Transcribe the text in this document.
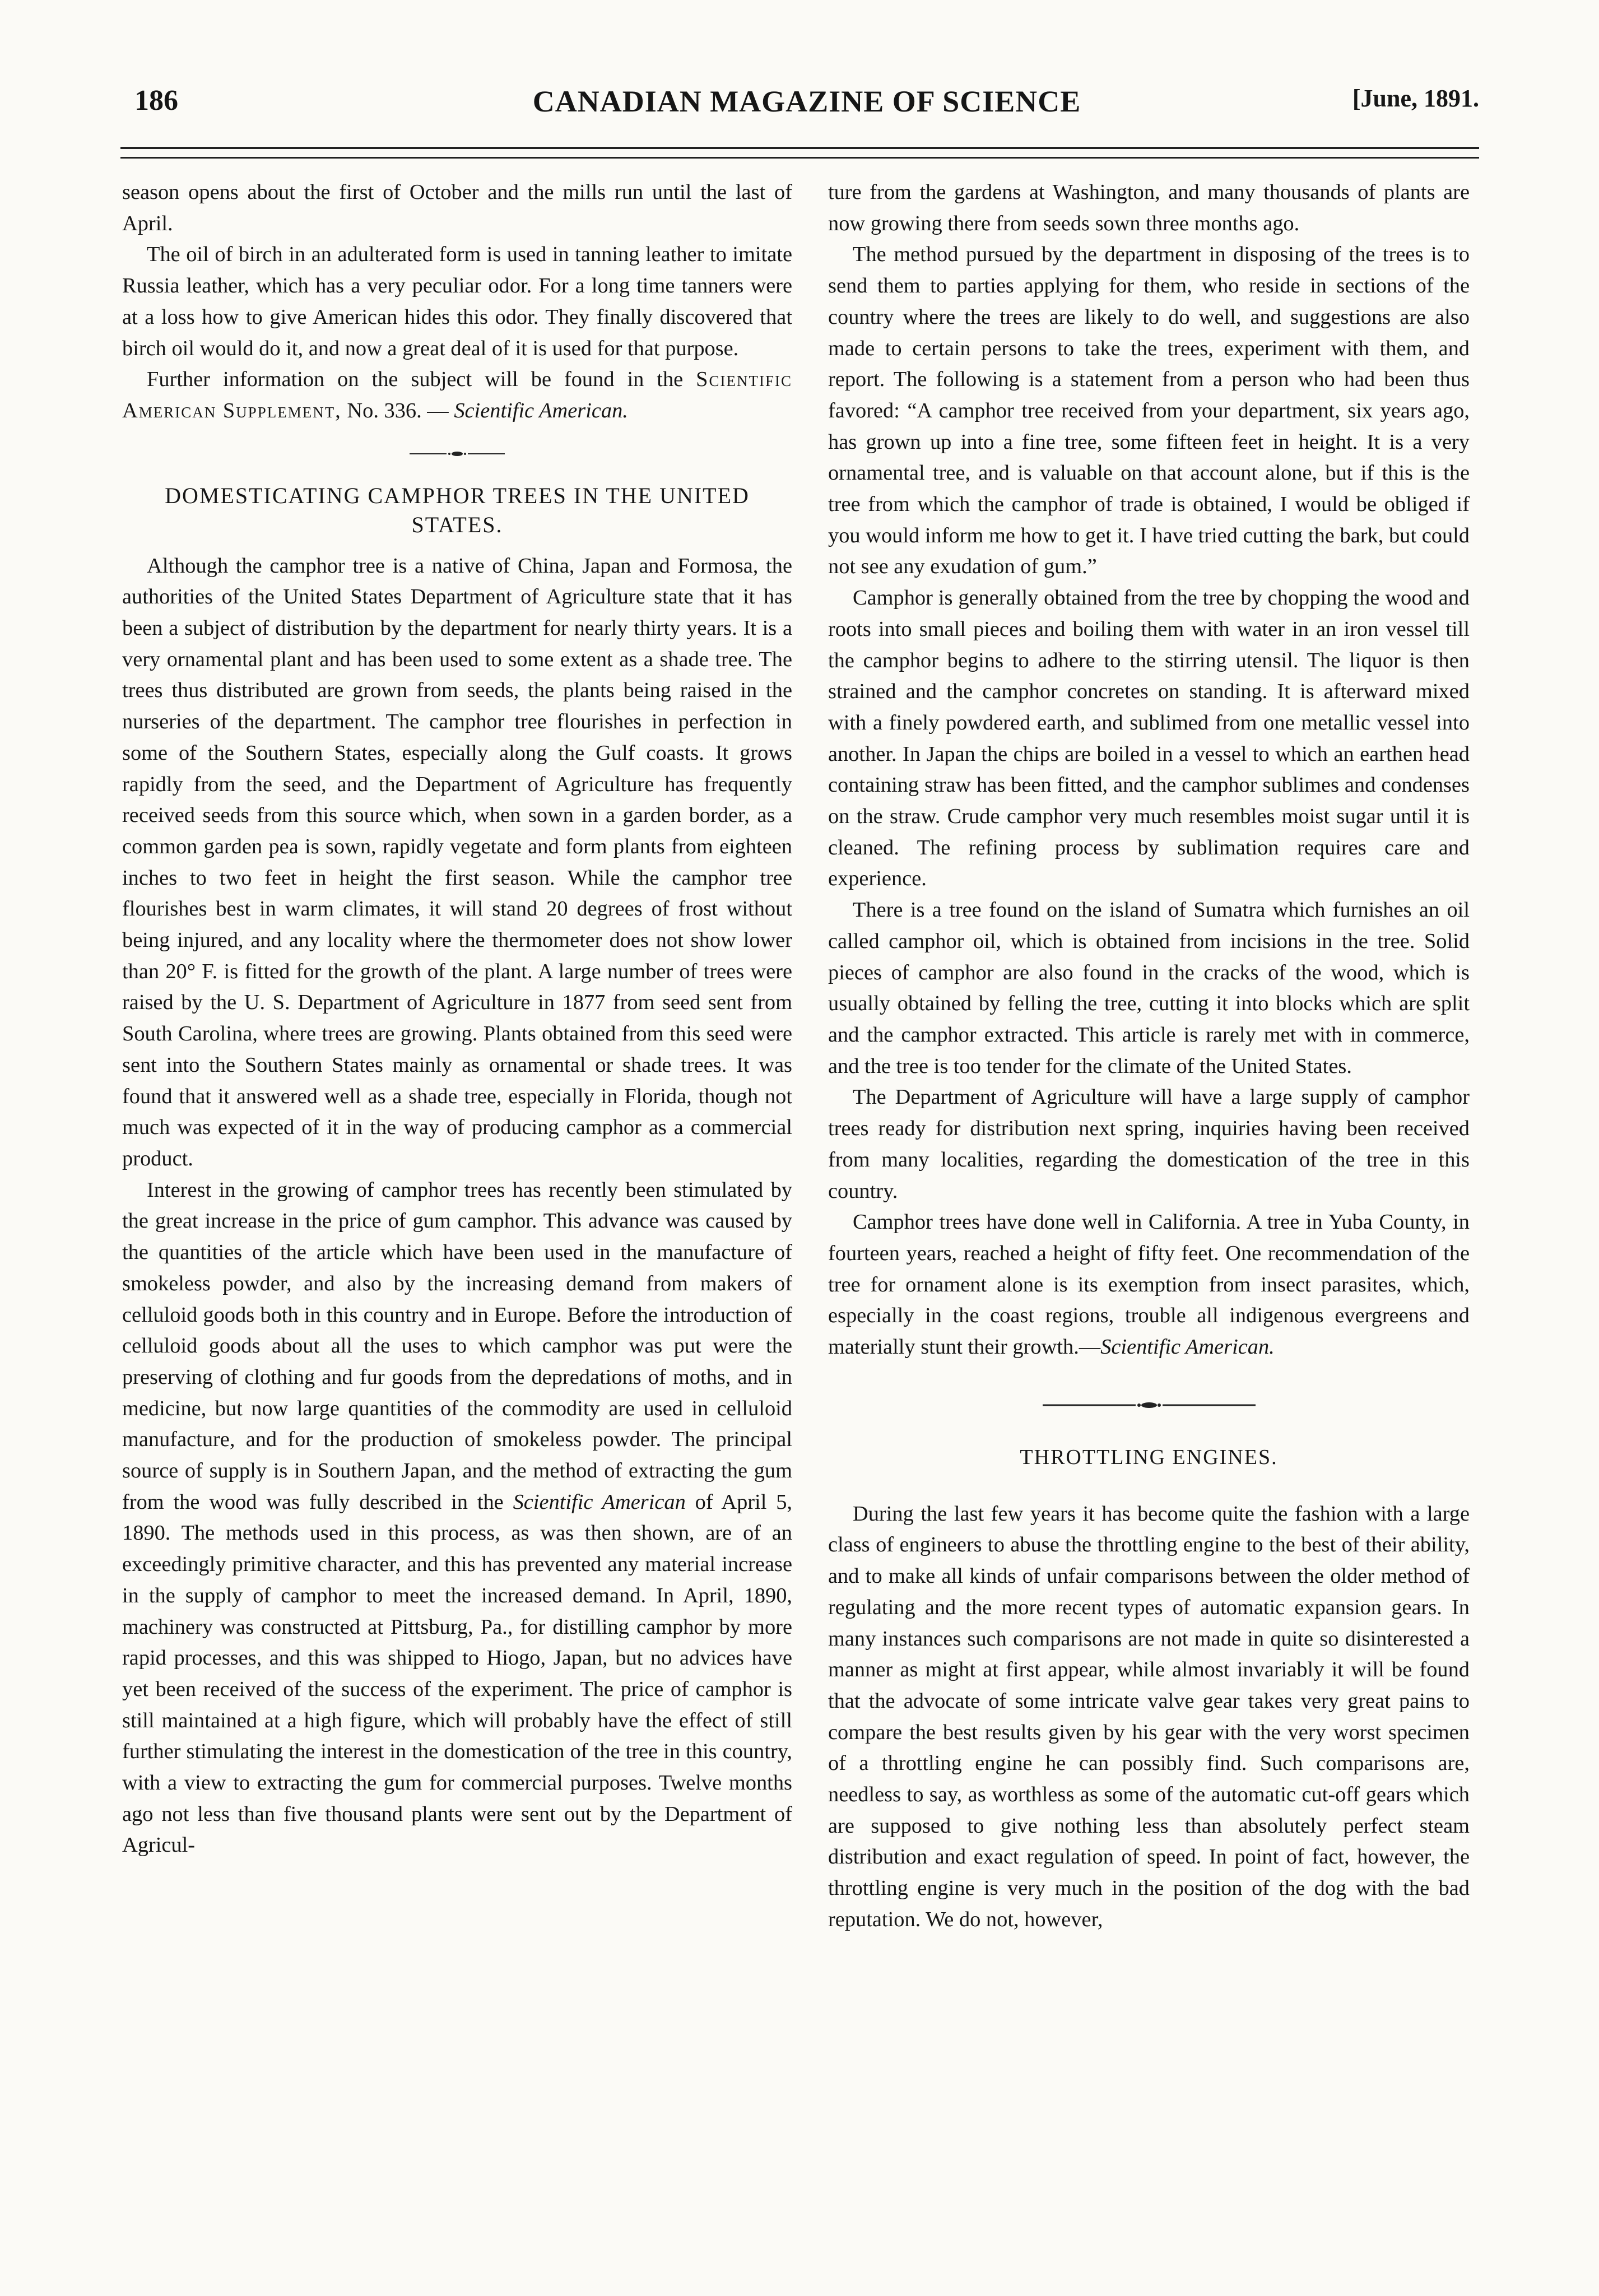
186	CANADIAN MAGAZINE OF SCIENCE	[June, 1891.

season opens about the first of October and the mills run until the last of April.

The oil of birch in an adulterated form is used in tanning leather to imitate Russia leather, which has a very peculiar odor. For a long time tanners were at a loss how to give American hides this odor. They finally discovered that birch oil would do it, and now a great deal of it is used for that purpose.

Further information on the subject will be found in the Scientific American Supplement, No. 336. — Scientific American.

DOMESTICATING CAMPHOR TREES IN THE UNITED STATES.

Although the camphor tree is a native of China, Japan and Formosa, the authorities of the United States Department of Agriculture state that it has been a subject of distribution by the department for nearly thirty years. It is a very ornamental plant and has been used to some extent as a shade tree. The trees thus distributed are grown from seeds, the plants being raised in the nurseries of the department. The camphor tree flourishes in perfection in some of the Southern States, especially along the Gulf coasts. It grows rapidly from the seed, and the Department of Agriculture has frequently received seeds from this source which, when sown in a garden border, as a common garden pea is sown, rapidly vegetate and form plants from eighteen inches to two feet in height the first season. While the camphor tree flourishes best in warm climates, it will stand 20 degrees of frost without being injured, and any locality where the thermometer does not show lower than 20° F. is fitted for the growth of the plant. A large number of trees were raised by the U. S. Department of Agriculture in 1877 from seed sent from South Carolina, where trees are growing. Plants obtained from this seed were sent into the Southern States mainly as ornamental or shade trees. It was found that it answered well as a shade tree, especially in Florida, though not much was expected of it in the way of producing camphor as a commercial product.

Interest in the growing of camphor trees has recently been stimulated by the great increase in the price of gum camphor. This advance was caused by the quantities of the article which have been used in the manufacture of smokeless powder, and also by the increasing demand from makers of celluloid goods both in this country and in Europe. Before the introduction of celluloid goods about all the uses to which camphor was put were the preserving of clothing and fur goods from the depredations of moths, and in medicine, but now large quantities of the commodity are used in celluloid manufacture, and for the production of smokeless powder. The principal source of supply is in Southern Japan, and the method of extracting the gum from the wood was fully described in the Scientific American of April 5, 1890. The methods used in this process, as was then shown, are of an exceedingly primitive character, and this has prevented any material increase in the supply of camphor to meet the increased demand. In April, 1890, machinery was constructed at Pittsburg, Pa., for distilling camphor by more rapid processes, and this was shipped to Hiogo, Japan, but no advices have yet been received of the success of the experiment. The price of camphor is still maintained at a high figure, which will probably have the effect of still further stimulating the interest in the domestication of the tree in this country, with a view to extracting the gum for commercial purposes. Twelve months ago not less than five thousand plants were sent out by the Department of Agricul-

ture from the gardens at Washington, and many thousands of plants are now growing there from seeds sown three months ago.

The method pursued by the department in disposing of the trees is to send them to parties applying for them, who reside in sections of the country where the trees are likely to do well, and suggestions are also made to certain persons to take the trees, experiment with them, and report. The following is a statement from a person who had been thus favored: “A camphor tree received from your department, six years ago, has grown up into a fine tree, some fifteen feet in height. It is a very ornamental tree, and is valuable on that account alone, but if this is the tree from which the camphor of trade is obtained, I would be obliged if you would inform me how to get it. I have tried cutting the bark, but could not see any exudation of gum.”

Camphor is generally obtained from the tree by chopping the wood and roots into small pieces and boiling them with water in an iron vessel till the camphor begins to adhere to the stirring utensil. The liquor is then strained and the camphor concretes on standing. It is afterward mixed with a finely powdered earth, and sublimed from one metallic vessel into another. In Japan the chips are boiled in a vessel to which an earthen head containing straw has been fitted, and the camphor sublimes and condenses on the straw. Crude camphor very much resembles moist sugar until it is cleaned. The refining process by sublimation requires care and experience.

There is a tree found on the island of Sumatra which furnishes an oil called camphor oil, which is obtained from incisions in the tree. Solid pieces of camphor are also found in the cracks of the wood, which is usually obtained by felling the tree, cutting it into blocks which are split and the camphor extracted. This article is rarely met with in commerce, and the tree is too tender for the climate of the United States.

The Department of Agriculture will have a large supply of camphor trees ready for distribution next spring, inquiries having been received from many localities, regarding the domestication of the tree in this country.

Camphor trees have done well in California. A tree in Yuba County, in fourteen years, reached a height of fifty feet. One recommendation of the tree for ornament alone is its exemption from insect parasites, which, especially in the coast regions, trouble all indigenous evergreens and materially stunt their growth.—Scientific American.

THROTTLING ENGINES.

During the last few years it has become quite the fashion with a large class of engineers to abuse the throttling engine to the best of their ability, and to make all kinds of unfair comparisons between the older method of regulating and the more recent types of automatic expansion gears. In many instances such comparisons are not made in quite so disinterested a manner as might at first appear, while almost invariably it will be found that the advocate of some intricate valve gear takes very great pains to compare the best results given by his gear with the very worst specimen of a throttling engine he can possibly find. Such comparisons are, needless to say, as worthless as some of the automatic cut-off gears which are supposed to give nothing less than absolutely perfect steam distribution and exact regulation of speed. In point of fact, however, the throttling engine is very much in the position of the dog with the bad reputation. We do not, however,
